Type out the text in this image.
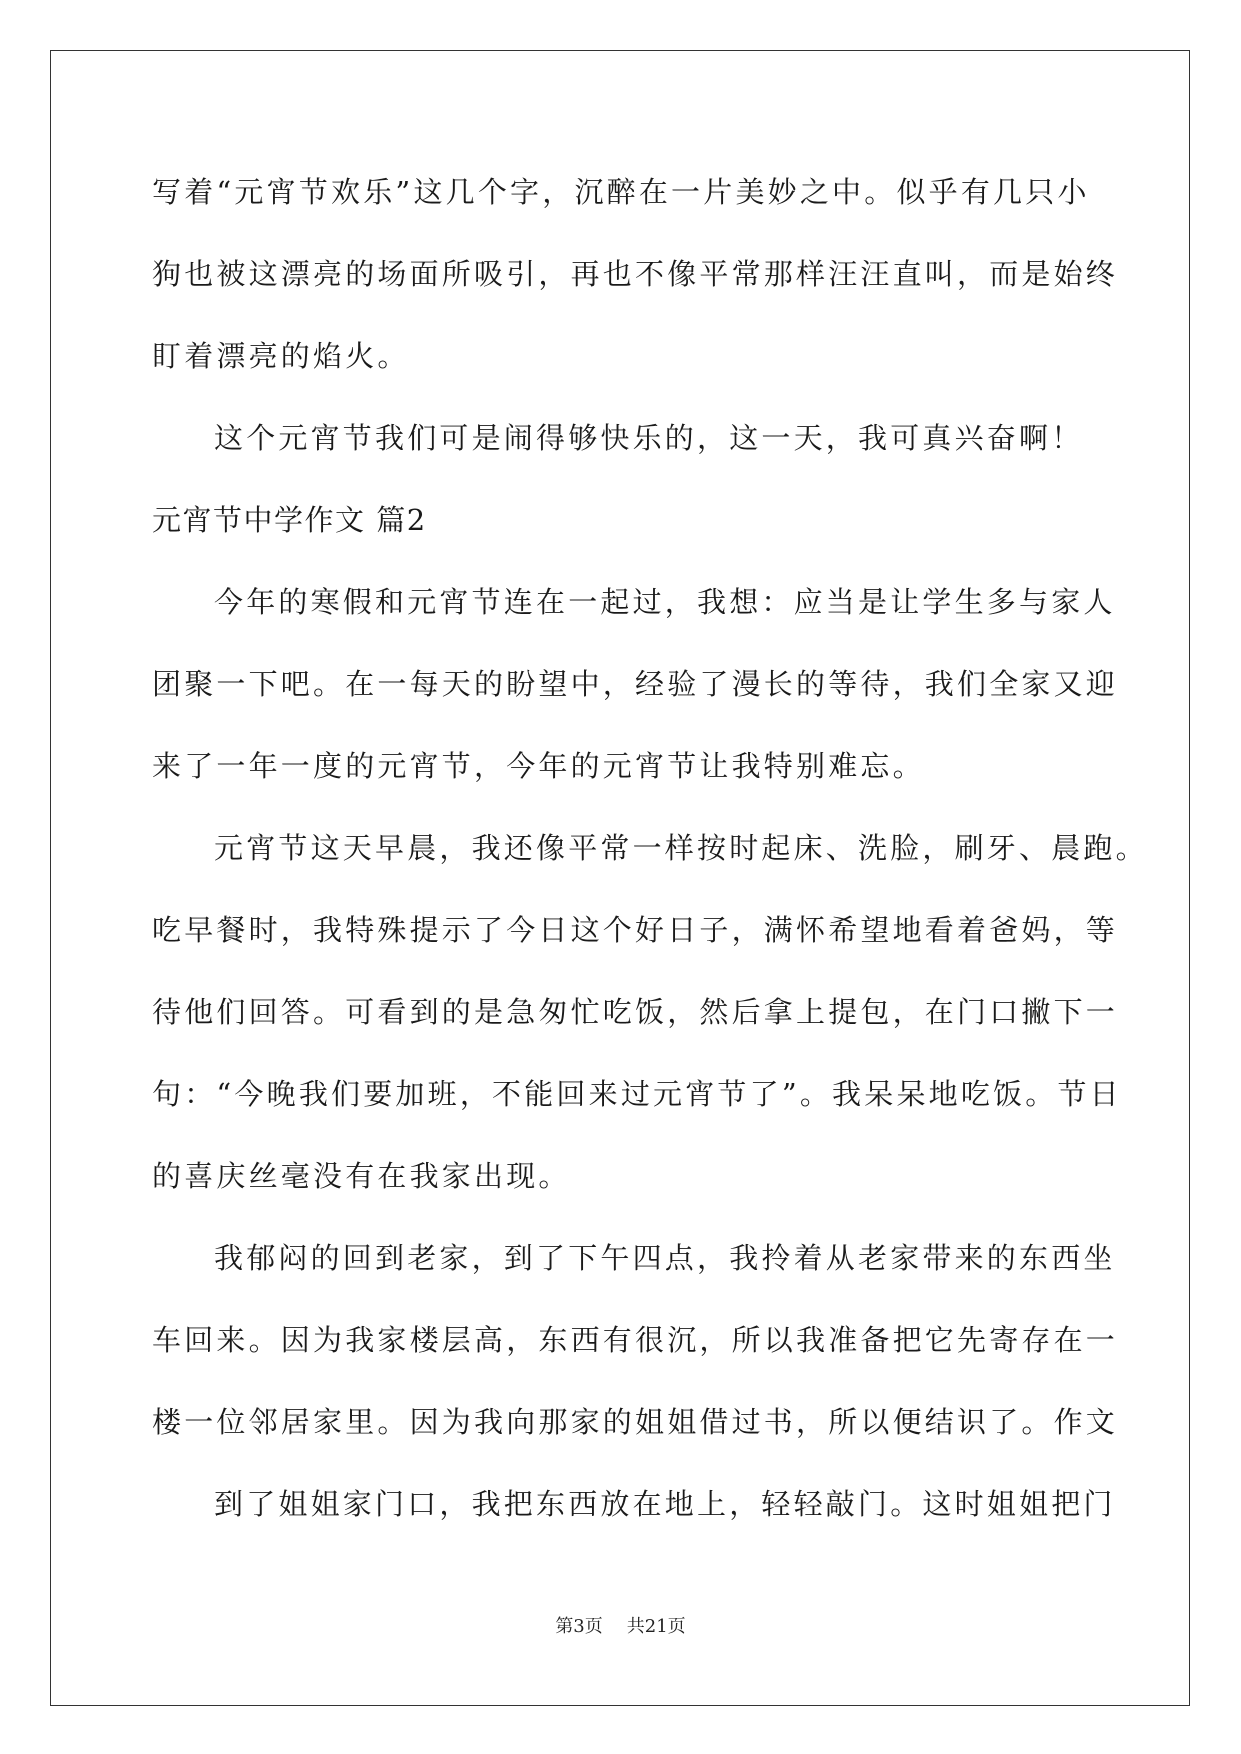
写着“元宵节欢乐”这几个字，沉醉在一片美妙之中。似乎有几只小
狗也被这漂亮的场面所吸引，再也不像平常那样汪汪直叫，而是始终
盯着漂亮的焰火。
这个元宵节我们可是闹得够快乐的，这一天，我可真兴奋啊！
元宵节中学作文 篇2
今年的寒假和元宵节连在一起过，我想：应当是让学生多与家人
团聚一下吧。在一每天的盼望中，经验了漫长的等待，我们全家又迎
来了一年一度的元宵节，今年的元宵节让我特别难忘。
元宵节这天早晨，我还像平常一样按时起床、洗脸，刷牙、晨跑。
吃早餐时，我特殊提示了今日这个好日子，满怀希望地看着爸妈，等
待他们回答。可看到的是急匆忙吃饭，然后拿上提包，在门口撇下一
句：“今晚我们要加班，不能回来过元宵节了”。我呆呆地吃饭。节日
的喜庆丝毫没有在我家出现。
我郁闷的回到老家，到了下午四点，我拎着从老家带来的东西坐
车回来。因为我家楼层高，东西有很沉，所以我准备把它先寄存在一
楼一位邻居家里。因为我向那家的姐姐借过书，所以便结识了。作文
到了姐姐家门口，我把东西放在地上，轻轻敲门。这时姐姐把门
第3页 共21页
